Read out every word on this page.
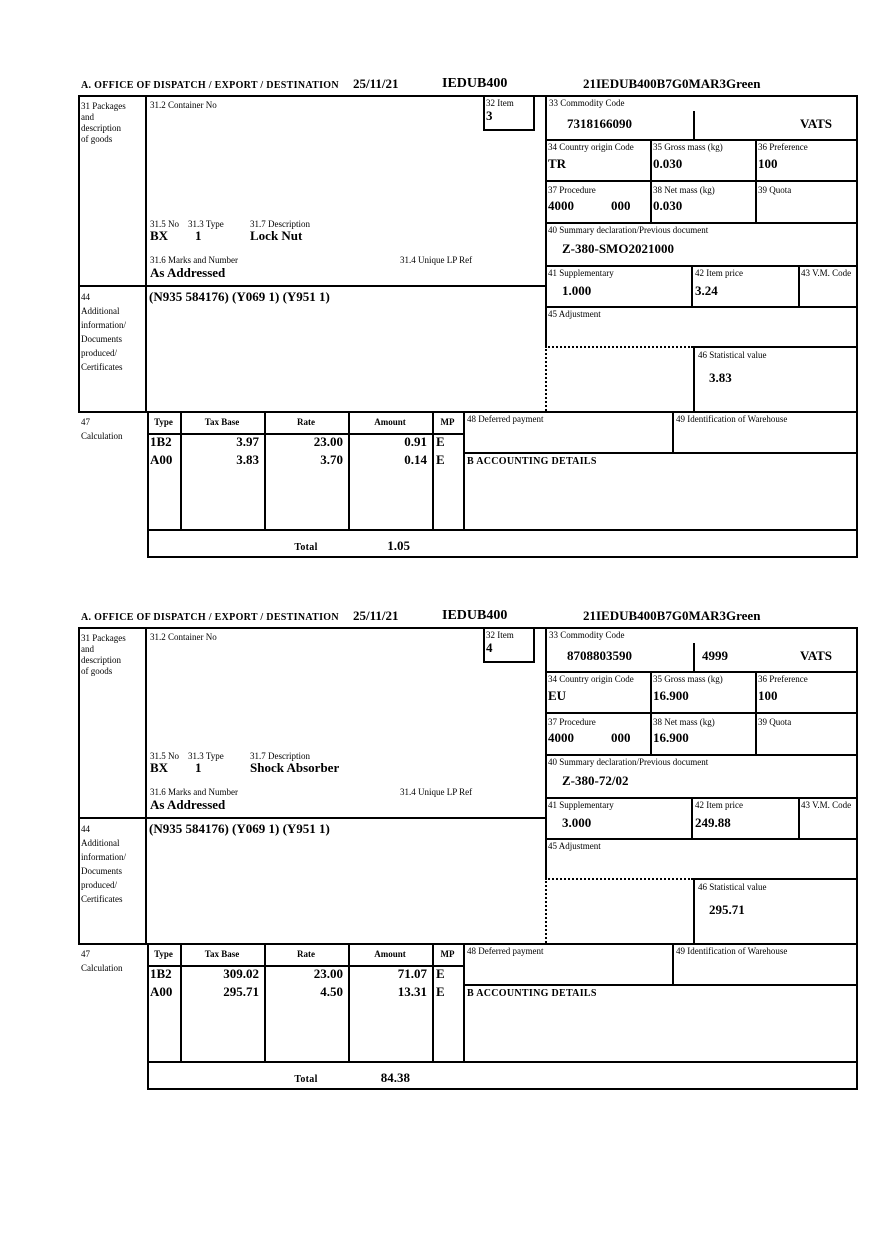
A. OFFICE OF DISPATCH / EXPORT / DESTINATION 25/11/21	IEDUB400	21IEDUB400B7G0MAR3Green
31 Packages
and
description
of goods
31.2 Container No	32 Item
3
33 Commodity Code
7318166090	VATS
34 Country origin Code
TR
35 Gross mass (kg)
0.030
36 Preference
100
37 Procedure
4000	000
38 Net mass (kg)
0.030
39 Quota
40 Summary declaration/Previous document
Z-380-SMO2021000
41 Supplementary
1.000
42 Item price
3.24
43 V.M. Code
45 Adjustment
46 Statistical value
3.83
31.5 No 31.3 Type	31.7 Description
BX 1	Lock Nut
31.6 Marks and Number	31.4 Unique LP Ref
As Addressed
44
Additional
information/
Documents
produced/
Certificates
(N935 584176) (Y069 1) (Y951 1)
47
Calculation
Type	Tax Base	Rate	Amount	MP
1B2	3.97	23.00	0.91 E
A00	3.83	3.70	0.14 E
48 Deferred payment	49 Identification of Warehouse
B ACCOUNTING DETAILS
Total	1.05
A. OFFICE OF DISPATCH / EXPORT / DESTINATION 25/11/21	IEDUB400	21IEDUB400B7G0MAR3Green
31 Packages
and
description
of goods
31.2 Container No	32 Item
4
33 Commodity Code
8708803590	4999	VATS
34 Country origin Code
EU
35 Gross mass (kg)
16.900
36 Preference
100
37 Procedure
4000	000
38 Net mass (kg)
16.900
39 Quota
40 Summary declaration/Previous document
Z-380-72/02
41 Supplementary
3.000
42 Item price
249.88
43 V.M. Code
45 Adjustment
46 Statistical value
295.71
31.5 No 31.3 Type	31.7 Description
BX 1	Shock Absorber
31.6 Marks and Number	31.4 Unique LP Ref
As Addressed
44
Additional
information/
Documents
produced/
Certificates
(N935 584176) (Y069 1) (Y951 1)
47
Calculation
Type	Tax Base	Rate	Amount	MP
1B2	309.02	23.00	71.07 E
A00	295.71	4.50	13.31 E
48 Deferred payment	49 Identification of Warehouse
B ACCOUNTING DETAILS
Total	84.38
